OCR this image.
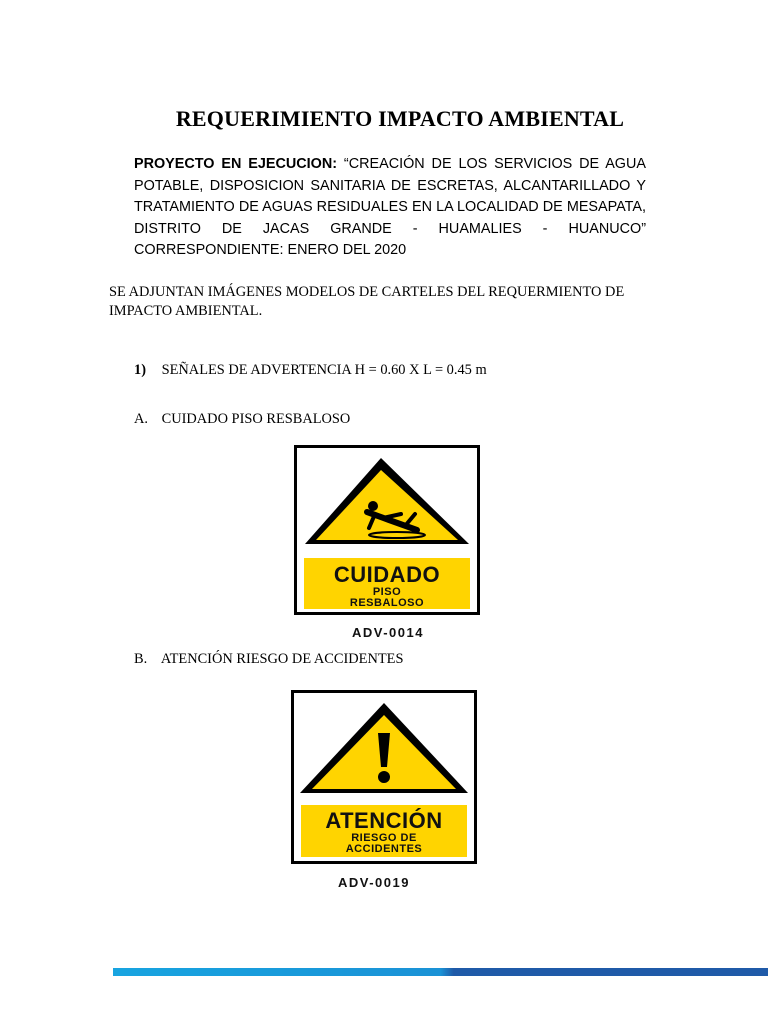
REQUERIMIENTO IMPACTO AMBIENTAL
PROYECTO EN EJECUCION: “CREACIÓN DE LOS SERVICIOS DE AGUA
POTABLE, DISPOSICION SANITARIA DE ESCRETAS, ALCANTARILLADO Y
TRATAMIENTO DE AGUAS RESIDUALES EN LA LOCALIDAD DE MESAPATA,
DISTRITO DE JACAS GRANDE - HUAMALIES - HUANUCO”
CORRESPONDIENTE: ENERO DEL 2020
SE ADJUNTAN IMÁGENES MODELOS DE CARTELES DEL REQUERMIENTO DE IMPACTO AMBIENTAL.
1) SEÑALES DE ADVERTENCIA H = 0.60 X L = 0.45 m
A. CUIDADO PISO RESBALOSO
CUIDADO
PISO
RESBALOSO
ADV-0014
B. ATENCIÓN RIESGO DE ACCIDENTES
ATENCIÓN
RIESGO DE
ACCIDENTES
ADV-0019
